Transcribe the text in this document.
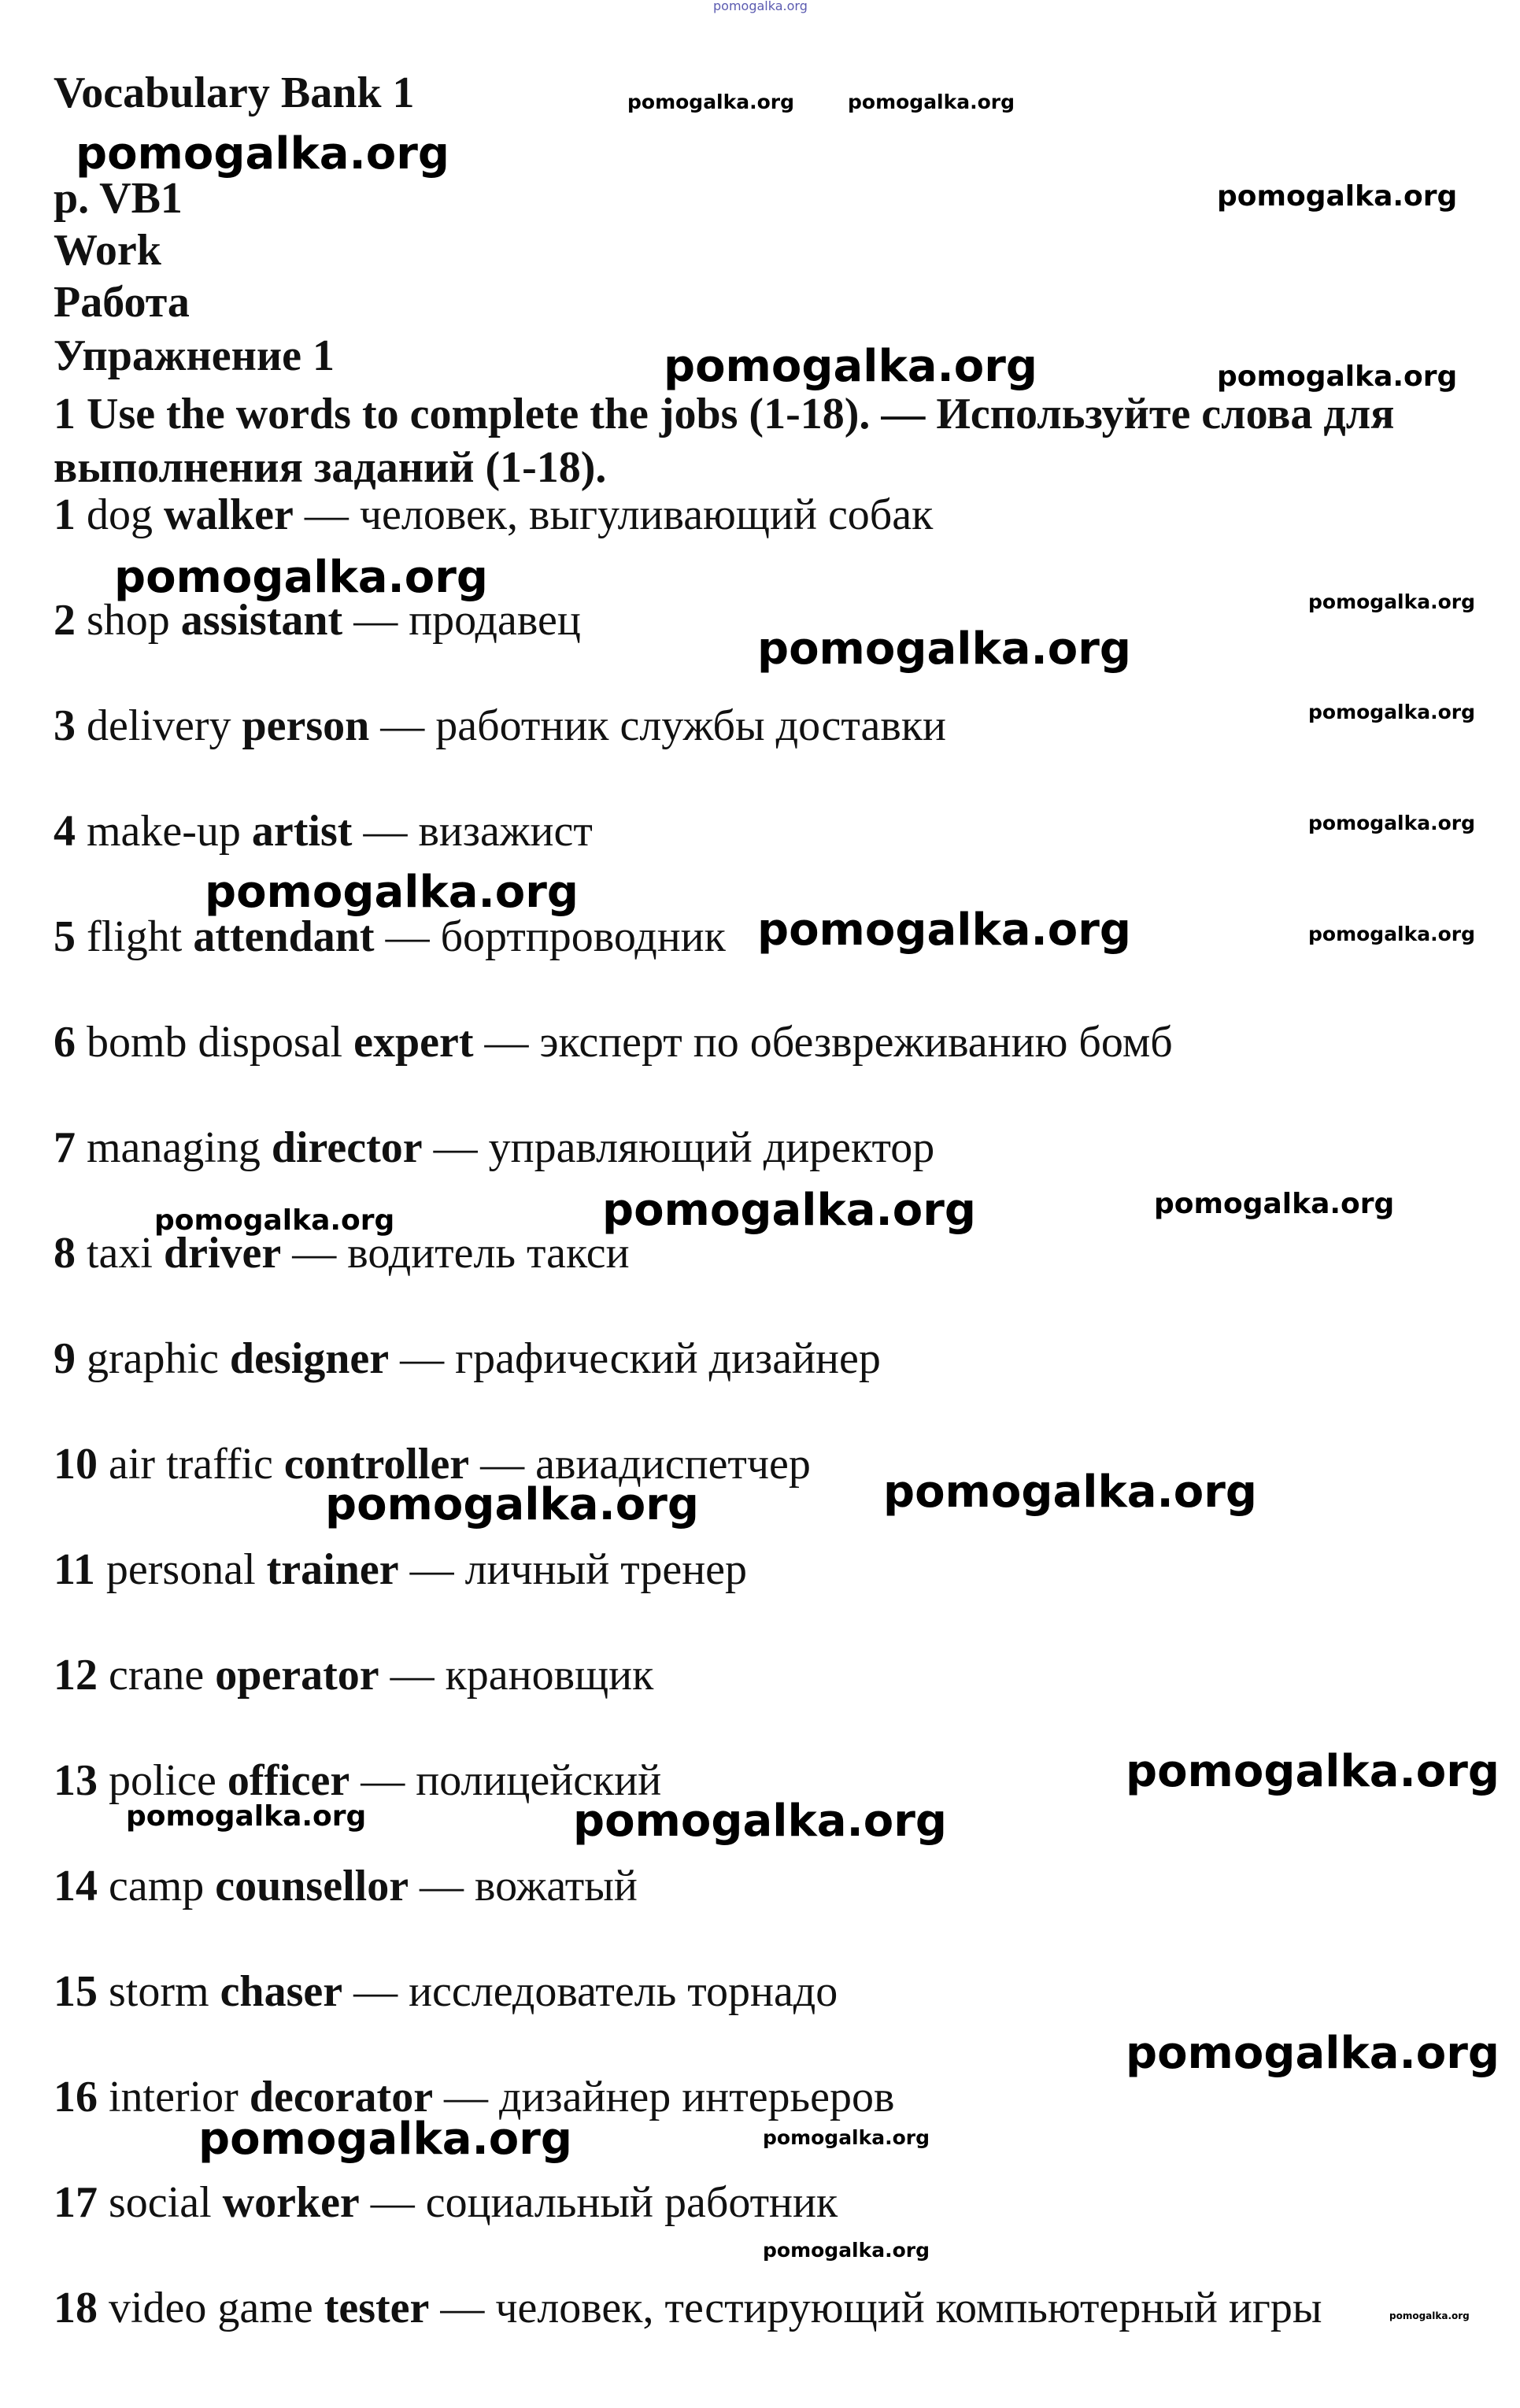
Vocabulary Bank 1

p. VB1

Work

Работа

Упражнение 1

1 Use the words to complete the jobs (1-18). — Используйте слова для выполнения заданий (1-18).

1 dog walker — человек, выгуливающий собак

2 shop assistant — продавец

3 delivery person — работник службы доставки

4 make-up artist — визажист

5 flight attendant — бортпроводник

6 bomb disposal expert — эксперт по обезвреживанию бомб

7 managing director — управляющий директор

8 taxi driver — водитель такси

9 graphic designer — графический дизайнер

10 air traffic controller — авиадиспетчер

11 personal trainer — личный тренер

12 crane operator — крановщик

13 police officer — полицейский

14 camp counsellor — вожатый

15 storm chaser — исследователь торнадо

16 interior decorator — дизайнер интерьеров

17 social worker — социальный работник

18 video game tester — человек, тестирующий компьютерный игры

pomogalka.org
pomogalka.org	pomogalka.org
pomogalka.org
pomogalka.org
pomogalka.org	pomogalka.org
pomogalka.org	pomogalka.org
pomogalka.org
pomogalka.org
pomogalka.org
pomogalka.org
pomogalka.org	pomogalka.org
pomogalka.org	pomogalka.org	pomogalka.org
pomogalka.org
pomogalka.org
pomogalka.org
pomogalka.org	pomogalka.org
pomogalka.org
pomogalka.org	pomogalka.org
pomogalka.org
pomogalka.org
